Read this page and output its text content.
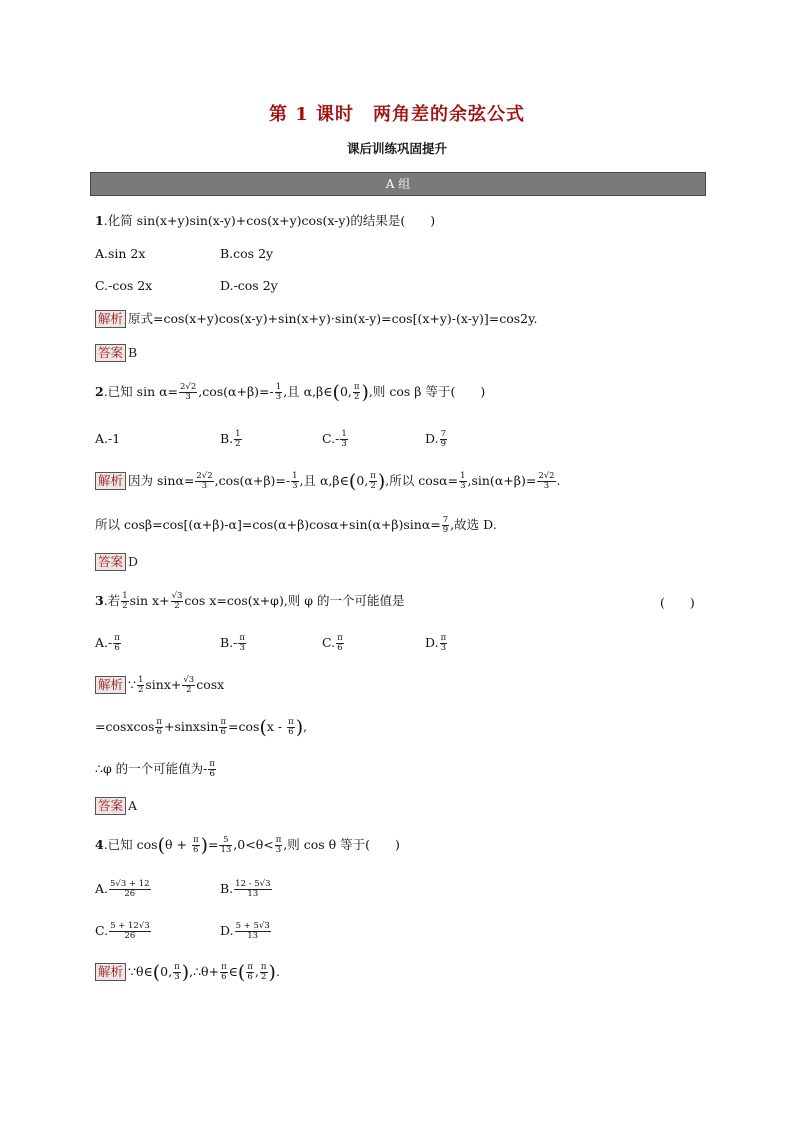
第 1 课时　两角差的余弦公式
课后训练巩固提升
A 组
1.化简 sin(x+y)sin(x-y)+cos(x+y)cos(x-y)的结果是(　　)
A.sin 2x	B.cos 2y
C.-cos 2x	D.-cos 2y
解析 原式=cos(x+y)cos(x-y)+sin(x+y)·sin(x-y)=cos[(x+y)-(x-y)]=cos2y.
答案 B
2.已知 $\sin \alpha= \frac{2√2}{3} ,\cos(\alpha+\beta)=- \frac{1}{3}$ ,且 α,β∈(0, $\frac{\pi}{2}$ ),则 cos β 等于(　　)
A.-1	B. $\frac{1}{2}$	$C.- \frac{1}{3}$	D. $\frac{7}{9}$
解析 因为 $\sin\alpha= \frac{2√2}{3} ,\cos(\alpha+\beta)=- \frac{1}{3}$ ,且 α,β∈(0, $\frac{\pi}{2}$ ),所以 $\cos\alpha= \frac{1}{3} ,\sin(\alpha+\beta)= \frac{2√2}{3}$ .
所以 $\cos\beta=\cos[(\alpha+\beta)-\alpha]=\cos(\alpha+\beta)\cos\alpha+\sin(\alpha+\beta)\sin\alpha= \frac{7}{9}$ ,故选 D.
答案 D
3.若 $\frac{1}{2}$ $\sin x+ \frac{√3}{2}$ cos x=cos(x+φ),则 φ 的一个可能值是	(　　)
$A.- \frac{\pi}{6}$	$B.- \frac{\pi}{3}$	C. $\frac{\pi}{6}$	D. $\frac{\pi}{3}$
解析 ∵ $\frac{1}{2} \sin x+ \frac{√3}{2}$ cosx
=cosxcos $\frac{\pi}{6}$ +sinxsin $\frac{\pi}{6} =\cos(x - \frac{\pi}{6}$ ),
∴φ 的一个可能值为- $\frac{\pi}{6}$
答案 A
4.已知 $\cos(\theta + \frac{\pi}{6}$ )= $\frac{5}{13} ,0<\theta< \frac{\pi}{3}$ ,则 cos θ 等于(　　)
A. $\frac{5√3 + 12}{26}$	B. $\frac{12 - 5√3}{13}$
C. $\frac{5 + 12√3}{26}$	D. $\frac{5 + 5√3}{13}$
解析 ∵θ∈(0, $\frac{\pi}{3}$ ),∴θ+ $\frac{\pi}{6}$ ∈( $\frac{\pi}{6}$ , $\frac{\pi}{2}$ ).
